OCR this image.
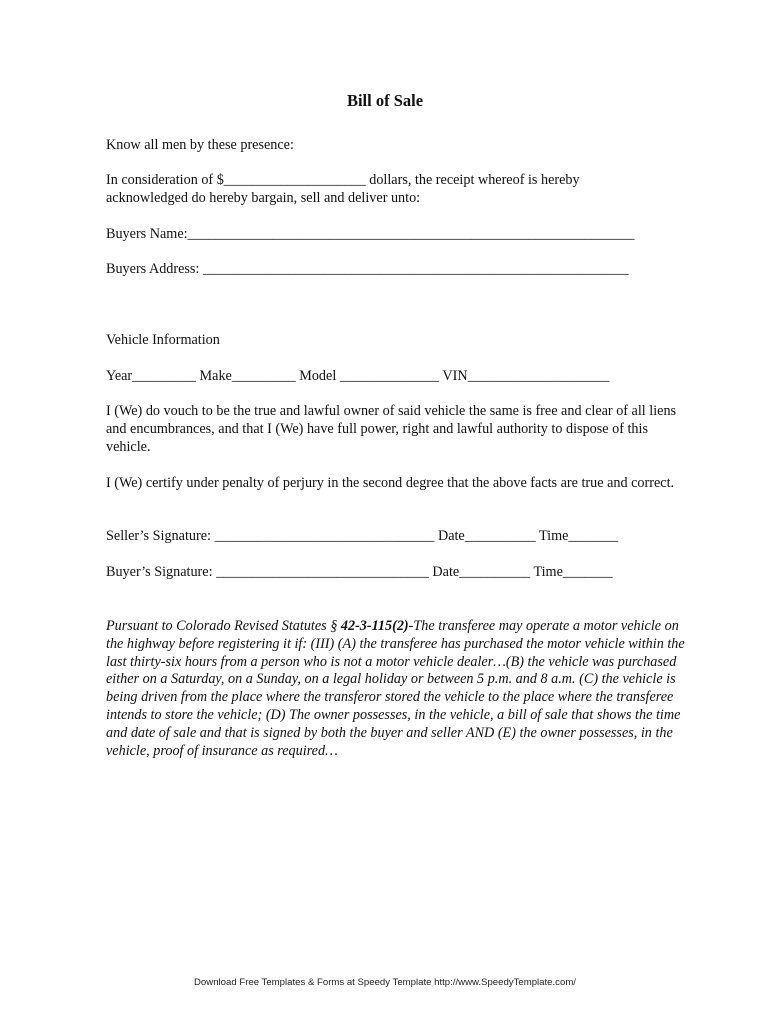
Bill of Sale
Know all men by these presence:
In consideration of $____________________ dollars, the receipt whereof is hereby
acknowledged do hereby bargain, sell and deliver unto:
Buyers Name:_______________________________________________________________
Buyers Address: ____________________________________________________________
Vehicle Information
Year_________ Make_________ Model ______________ VIN____________________
I (We) do vouch to be the true and lawful owner of said vehicle the same is free and clear of all liens and encumbrances, and that I (We) have full power, right and lawful authority to dispose of this vehicle.
I (We) certify under penalty of perjury in the second degree that the above facts are true and correct.
Seller’s Signature: _______________________________ Date__________ Time_______
Buyer’s Signature: ______________________________ Date__________ Time_______
Pursuant to Colorado Revised Statutes § 42-3-115(2)-The transferee may operate a motor vehicle on the highway before registering it if: (III) (A) the transferee has purchased the motor vehicle within the last thirty-six hours from a person who is not a motor vehicle dealer…(B) the vehicle was purchased either on a Saturday, on a Sunday, on a legal holiday or between 5 p.m. and 8 a.m. (C) the vehicle is being driven from the place where the transferor stored the vehicle to the place where the transferee intends to store the vehicle; (D) The owner possesses, in the vehicle, a bill of sale that shows the time and date of sale and that is signed by both the buyer and seller AND (E) the owner possesses, in the vehicle, proof of insurance as required…
Download Free Templates & Forms at Speedy Template http://www.SpeedyTemplate.com/
